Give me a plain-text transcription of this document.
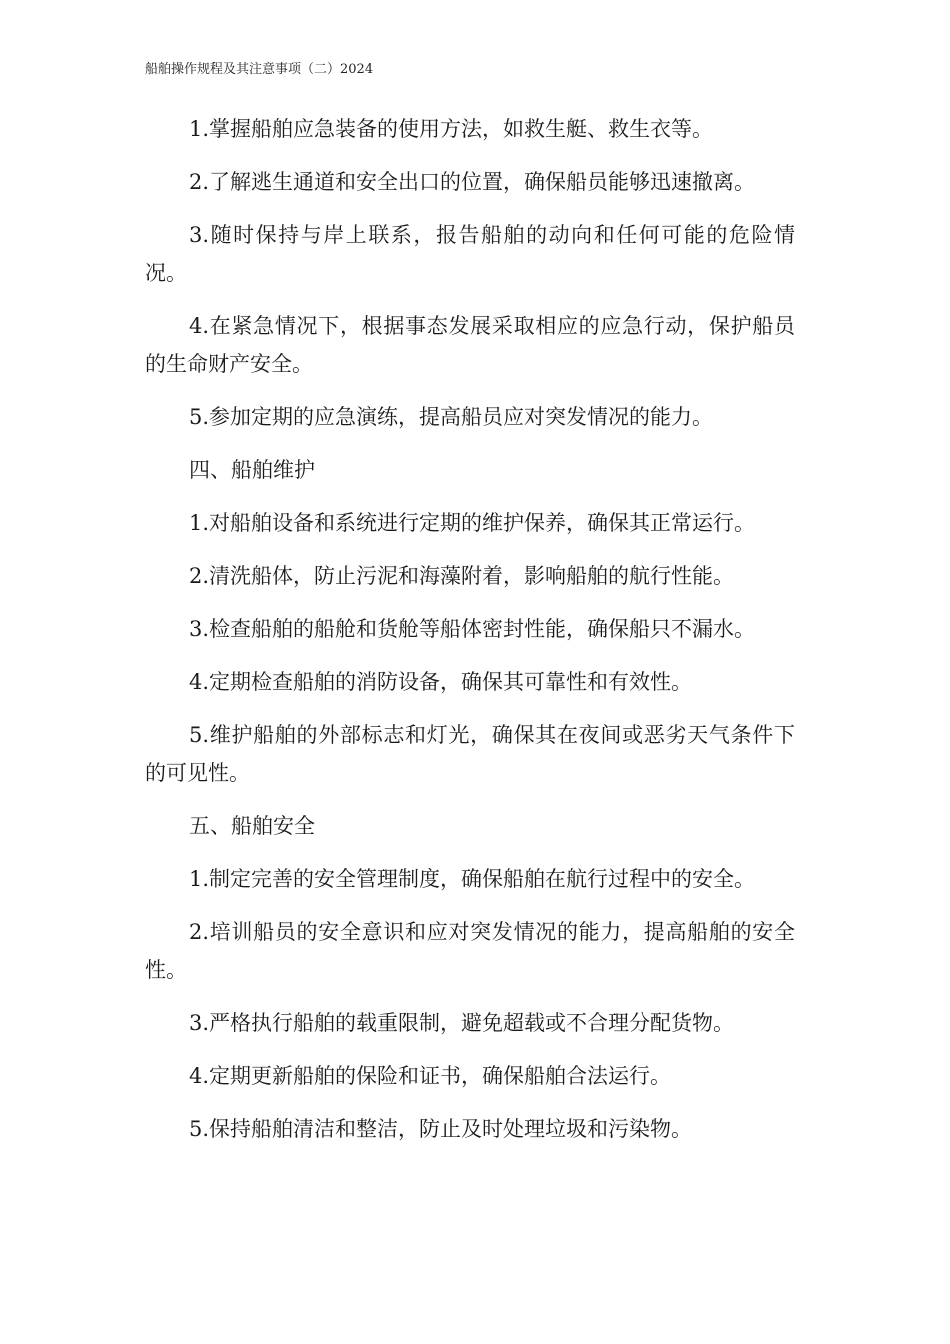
船舶操作规程及其注意事项（二）2024

1.掌握船舶应急装备的使用方法，如救生艇、救生衣等。

2.了解逃生通道和安全出口的位置，确保船员能够迅速撤离。

3.随时保持与岸上联系，报告船舶的动向和任何可能的危险情况。

4.在紧急情况下，根据事态发展采取相应的应急行动，保护船员的生命财产安全。

5.参加定期的应急演练，提高船员应对突发情况的能力。

四、船舶维护

1.对船舶设备和系统进行定期的维护保养，确保其正常运行。

2.清洗船体，防止污泥和海藻附着，影响船舶的航行性能。

3.检查船舶的船舱和货舱等船体密封性能，确保船只不漏水。

4.定期检查船舶的消防设备，确保其可靠性和有效性。

5.维护船舶的外部标志和灯光，确保其在夜间或恶劣天气条件下的可见性。

五、船舶安全

1.制定完善的安全管理制度，确保船舶在航行过程中的安全。

2.培训船员的安全意识和应对突发情况的能力，提高船舶的安全性。

3.严格执行船舶的载重限制，避免超载或不合理分配货物。

4.定期更新船舶的保险和证书，确保船舶合法运行。

5.保持船舶清洁和整洁，防止及时处理垃圾和污染物。
